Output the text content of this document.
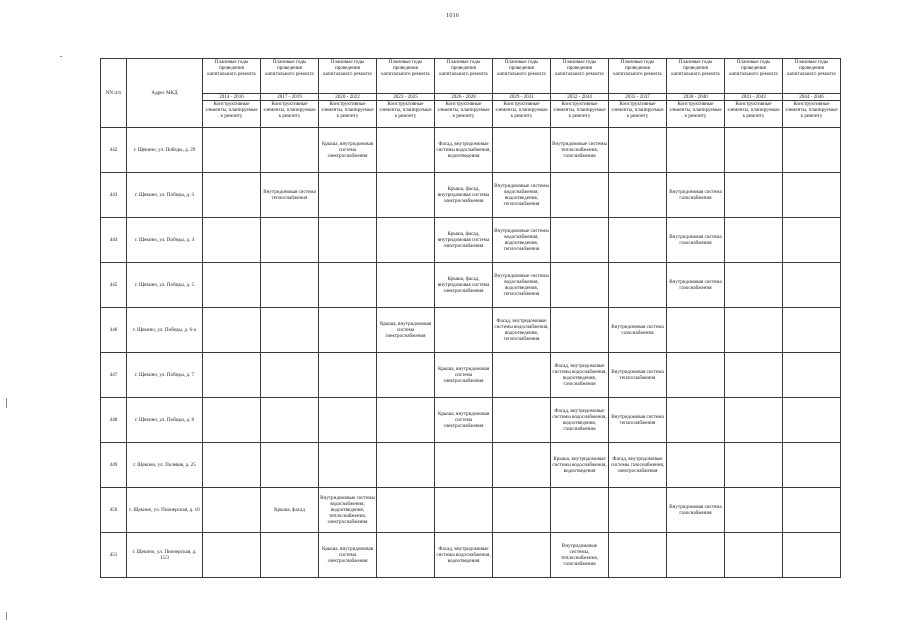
1016
NN п/п	Адрес МКД	Плановые годы проведения капитального ремонта	Плановые годы проведения капитального ремонта	Плановые годы проведения капитального ремонта	Плановые годы проведения капитального ремонта	Плановые годы проведения капитального ремонта	Плановые годы проведения капитального ремонта	Плановые годы проведения капитального ремонта	Плановые годы проведения капитального ремонта	Плановые годы проведения капитального ремонта	Плановые годы проведения капитального ремонта	Плановые годы проведения капитального ремонта
		2014 - 2016	2017 - 2019	2020 - 2022	2023 - 2025	2026 - 2028	2029 - 2031	2032 - 2034	2035 - 2037	2038 - 2040	2041 - 2043	2044 - 2046
		Конструктивные элементы, планируемые к ремонту	Конструктивные элементы, планируемые к ремонту	Конструктивные элементы, планируемые к ремонту	Конструктивные элементы, планируемые к ремонту	Конструктивные элементы, планируемые к ремонту	Конструктивные элементы, планируемые к ремонту	Конструктивные элементы, планируемые к ремонту	Конструктивные элементы, планируемые к ремонту	Конструктивные элементы, планируемые к ремонту	Конструктивные элементы, планируемые к ремонту	Конструктивные элементы, планируемые к ремонту
442	г. Щекино, ул. Победы, д. 29			Крыша, внутридомовая система электроснабжения		Фасад, внутридомовые системы водоснабжения, водоотведения		Внутридомовые системы теплоснабжения, газоснабжения				
443	г. Щекино, ул. Победы, д. 3		Внутридомовая система теплоснабжения			Крыша, фасад, внутридомовая система электроснабжения	Внутридомовые системы водоснабжения, водоотведения, теплоснабжения			Внутридомовая система газоснабжения		
444	г. Щекино, ул. Победы, д. 4					Крыша, фасад, внутридомовая система электроснабжения	Внутридомовые системы водоснабжения, водоотведения, теплоснабжения			Внутридомовая система газоснабжения		
445	г. Щекино, ул. Победы, д. 5					Крыша, фасад, внутридомовая система электроснабжения	Внутридомовые системы водоснабжения, водоотведения, теплоснабжения			Внутридомовая система газоснабжения		
446	г. Щекино, ул. Победы, д. 6-а				Крыша, внутридомовая система электроснабжения		Фасад, внутридомовые системы водоснабжения, водоотведения, теплоснабжения		Внутридомовая система газоснабжения			
447	г. Щекино, ул. Победы, д. 7					Крыша, внутридомовая система электроснабжения		Фасад, внутридомовые системы водоснабжения, водоотведения, газоснабжения	Внутридомовая система теплоснабжения			
448	г. Щекино, ул. Победы, д. 8					Крыша, внутридомовая система электроснабжения		Фасад, внутридомовые системы водоснабжения, водоотведения, газоснабжения	Внутридомовая система теплоснабжения			
449	г. Щекино, ул. Полевая, д. 25							Крыша, внутридомовые системы водоснабжения, водоотведения	Фасад, внутридомовые системы газоснабжения, электроснабжения			
450	г. Щекино, ул. Пионерская, д. 10		Крыша, фасад	Внутридомовые системы водоснабжения, водоотведения, теплоснабжения, электроснабжения						Внутридомовая система газоснабжения		
451	г. Щекино, ул. Пионерская, д. 15/3			Крыша, внутридомовая система электроснабжения		Фасад, внутридомовые системы водоснабжения, водоотведения		Внутридомовые системы, теплоснабжения, газоснабжения				
